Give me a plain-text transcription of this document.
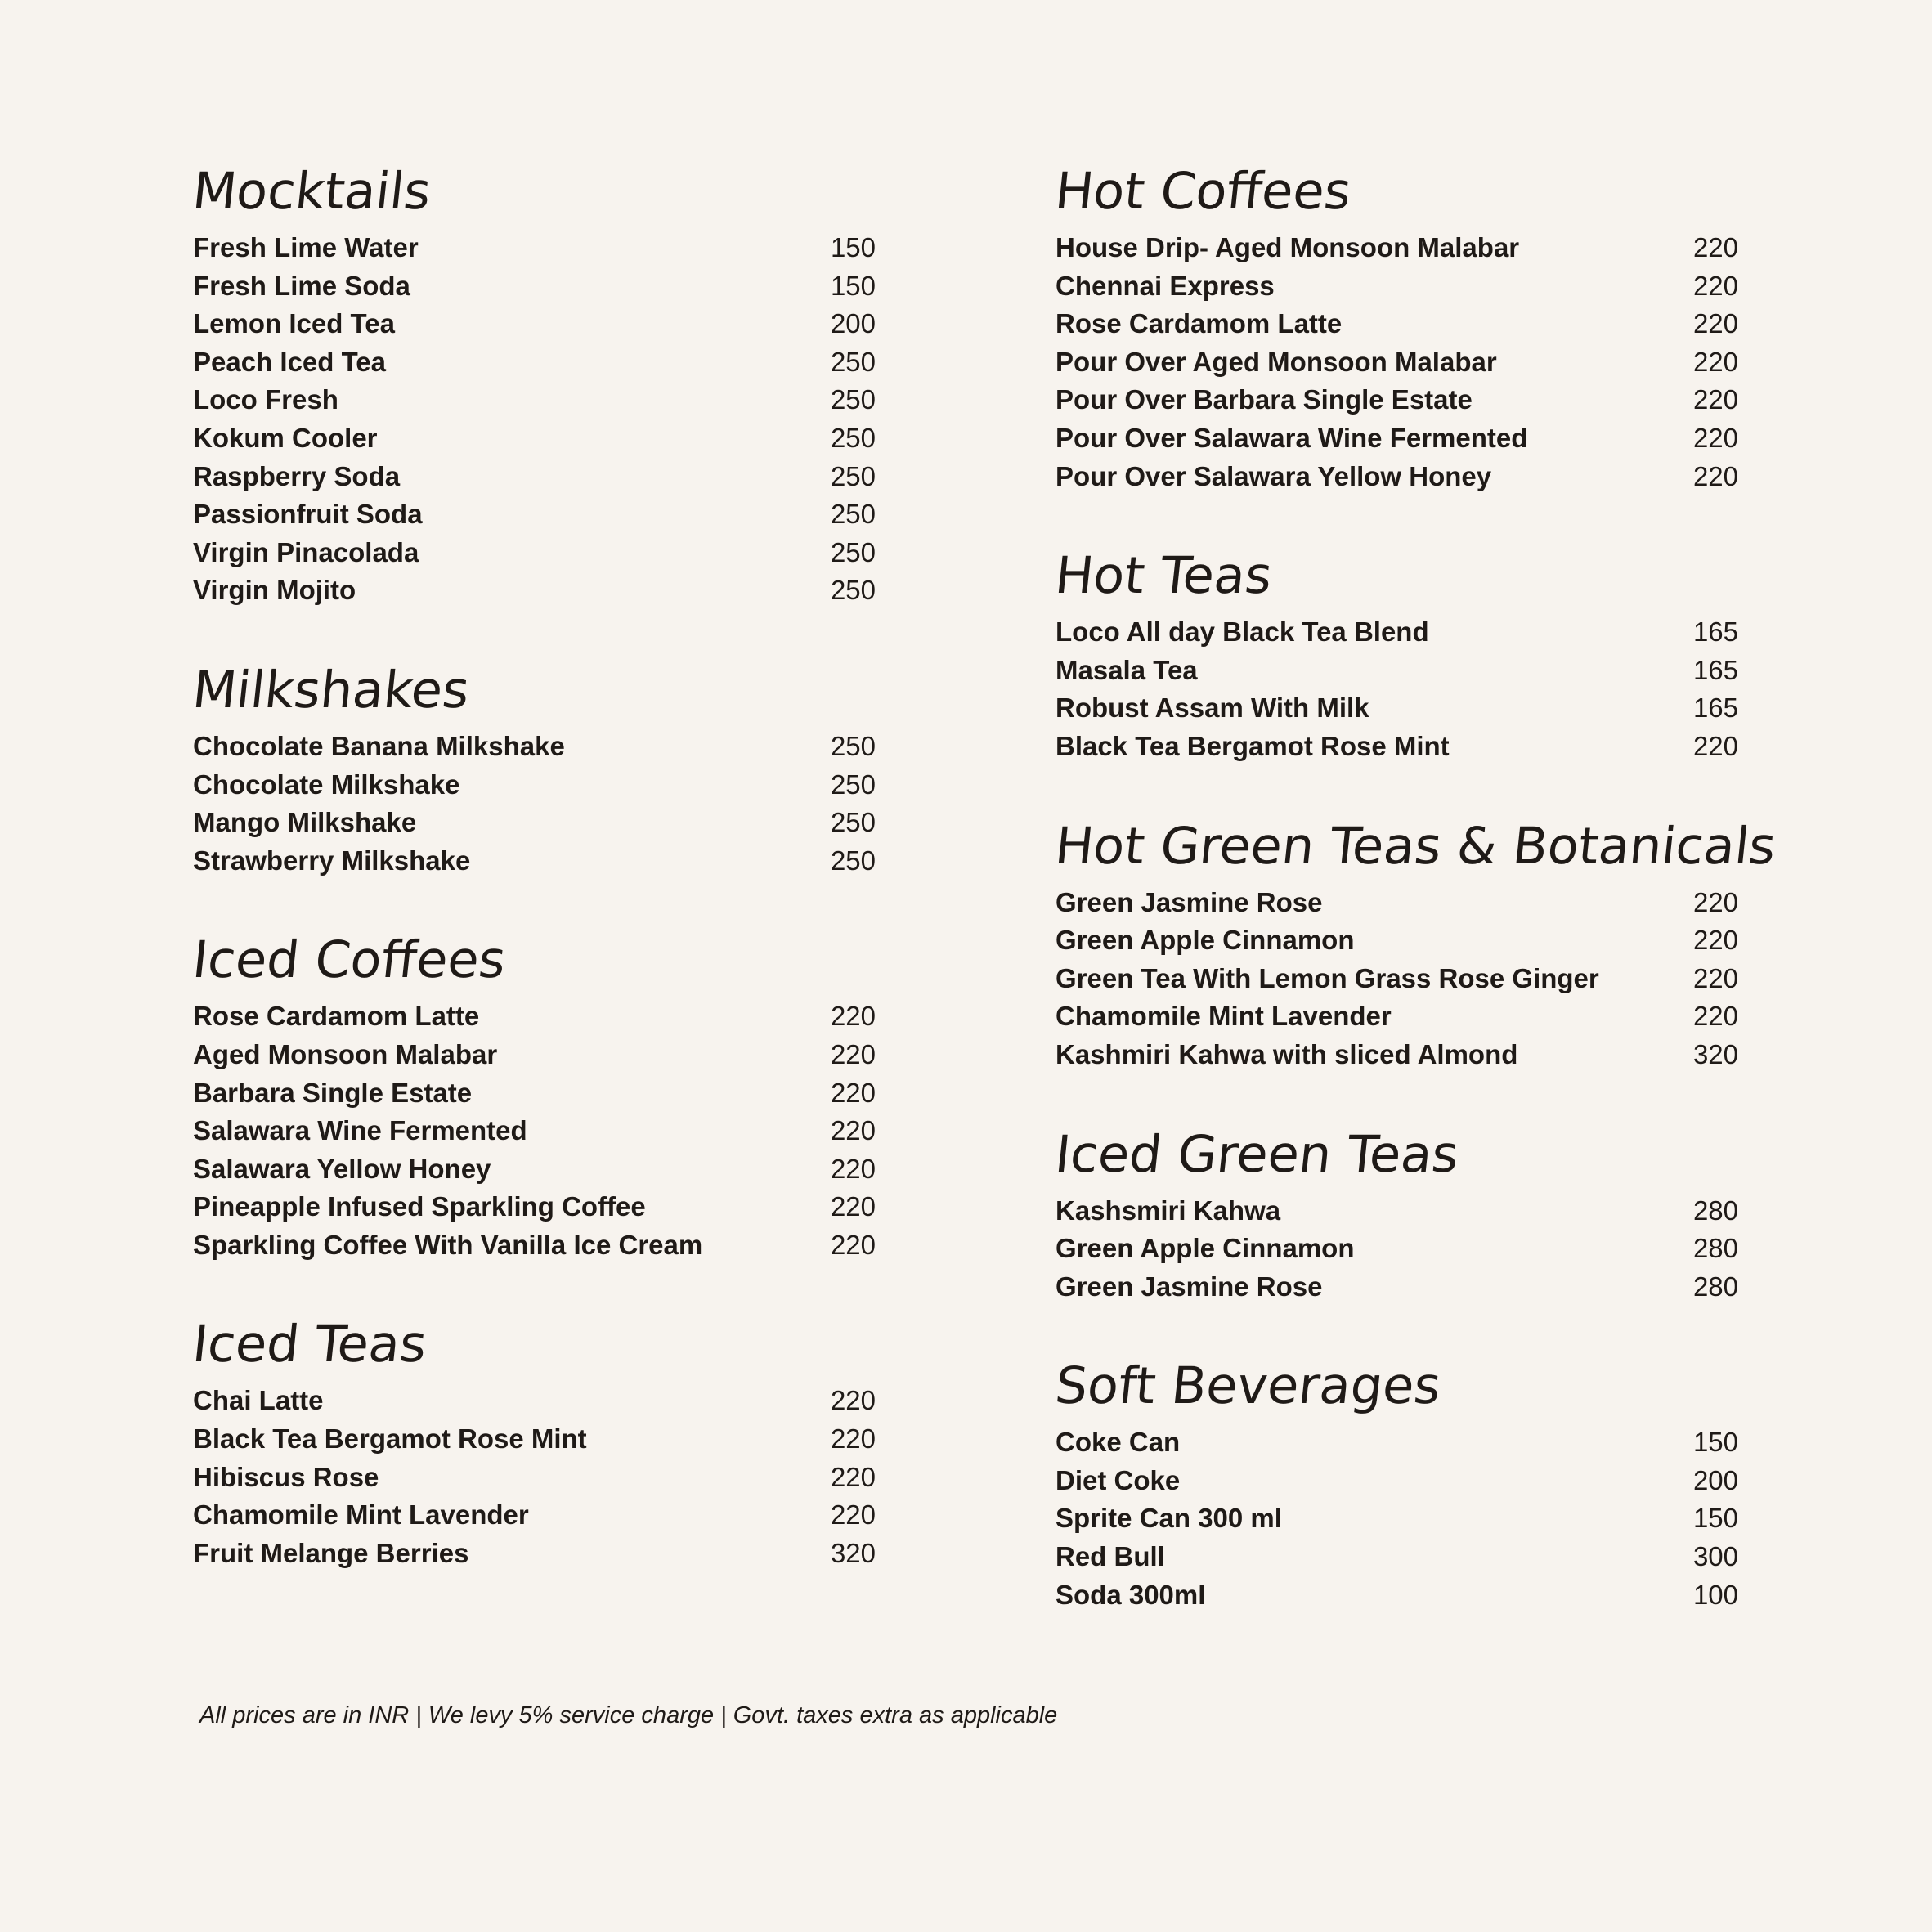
Mocktails
Fresh Lime Water	150
Fresh Lime Soda	150
Lemon Iced Tea	200
Peach Iced Tea	250
Loco Fresh	250
Kokum Cooler	250
Raspberry Soda	250
Passionfruit Soda	250
Virgin Pinacolada	250
Virgin Mojito	250
Milkshakes
Chocolate Banana Milkshake	250
Chocolate Milkshake	250
Mango Milkshake	250
Strawberry Milkshake	250
Iced Coffees
Rose Cardamom Latte	220
Aged Monsoon Malabar	220
Barbara Single Estate	220
Salawara Wine Fermented	220
Salawara Yellow Honey	220
Pineapple Infused Sparkling Coffee	220
Sparkling Coffee With Vanilla Ice Cream	220
Iced Teas
Chai Latte	220
Black Tea Bergamot Rose Mint	220
Hibiscus Rose	220
Chamomile Mint Lavender	220
Fruit Melange Berries	320
Hot Coffees
House Drip- Aged Monsoon Malabar	220
Chennai Express	220
Rose Cardamom Latte	220
Pour Over Aged Monsoon Malabar	220
Pour Over Barbara Single Estate	220
Pour Over Salawara Wine Fermented	220
Pour Over Salawara Yellow Honey	220
Hot Teas
Loco All day Black Tea Blend	165
Masala Tea	165
Robust Assam With Milk	165
Black Tea Bergamot Rose Mint	220
Hot Green Teas & Botanicals
Green Jasmine Rose	220
Green Apple Cinnamon	220
Green Tea With Lemon Grass Rose Ginger	220
Chamomile Mint Lavender	220
Kashmiri Kahwa with sliced Almond	320
Iced Green Teas
Kashsmiri Kahwa	280
Green Apple Cinnamon	280
Green Jasmine Rose	280
Soft Beverages
Coke Can	150
Diet Coke	200
Sprite Can 300 ml	150
Red Bull	300
Soda 300ml	100
All prices are in INR | We levy 5% service charge | Govt. taxes extra as applicable
